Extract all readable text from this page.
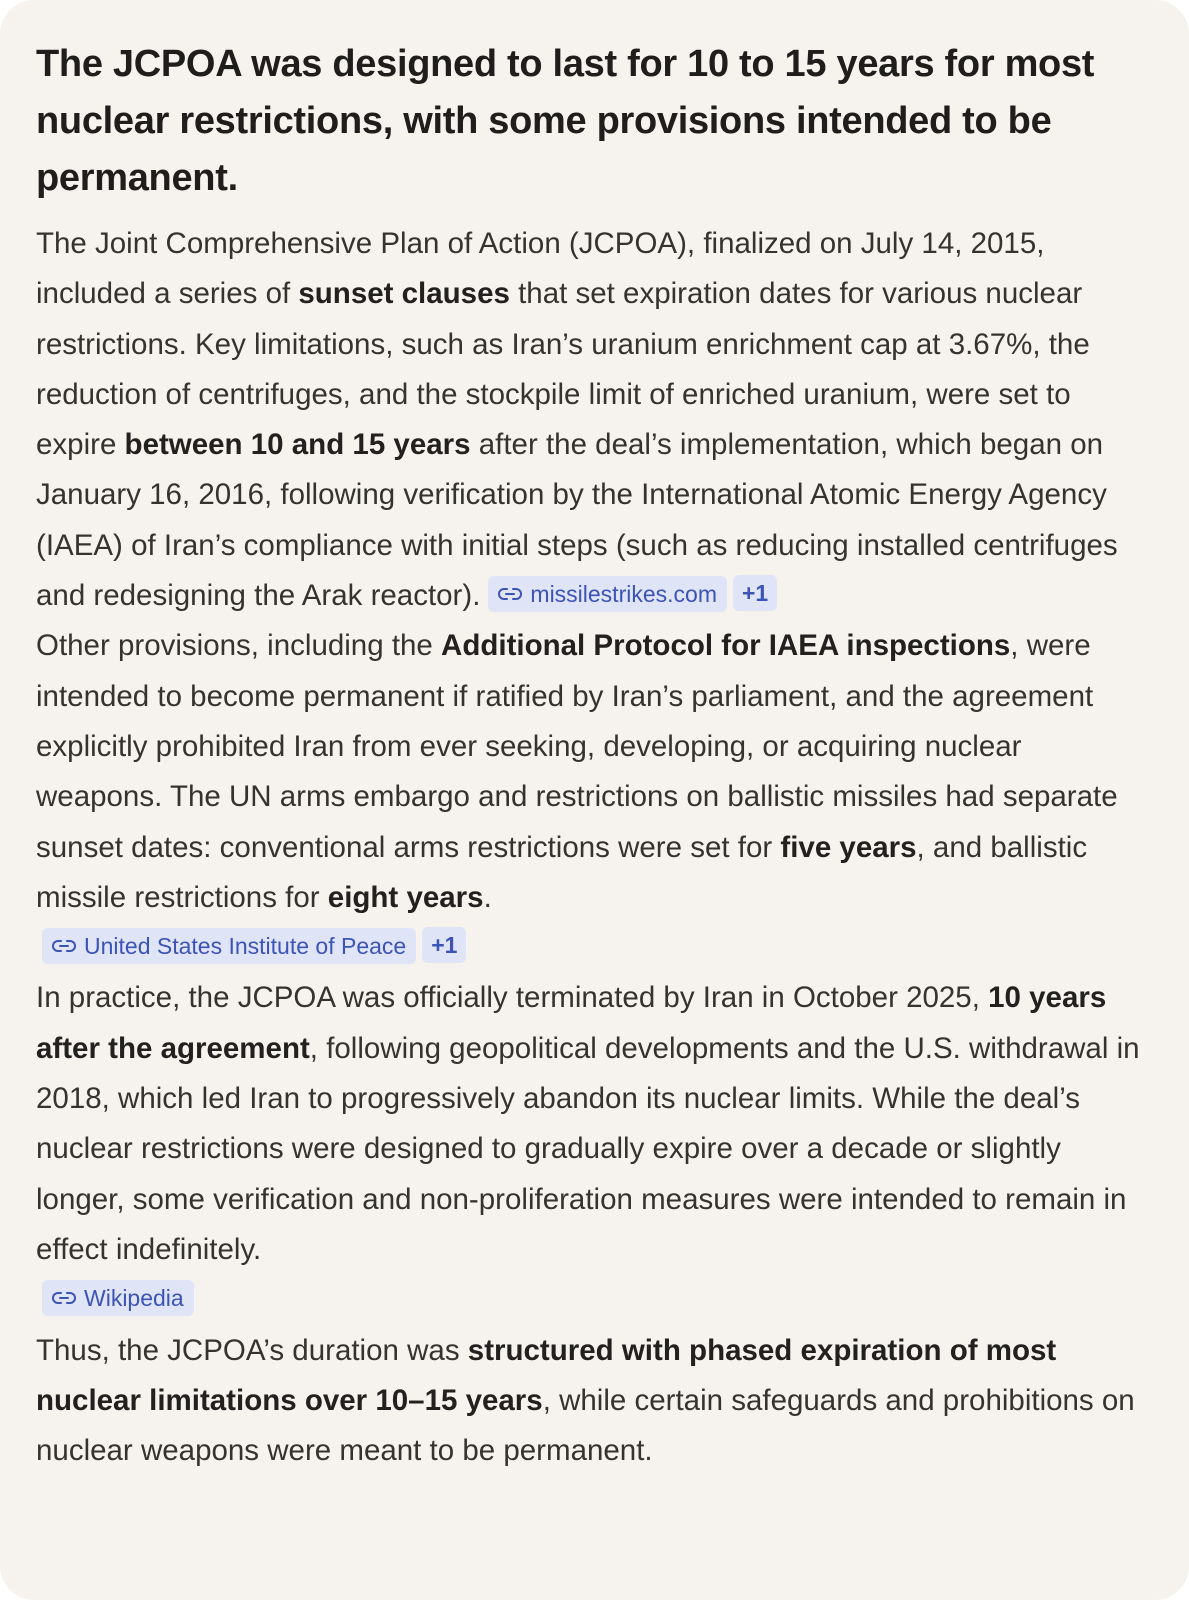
The JCPOA was designed to last for 10 to 15 years for most nuclear restrictions, with some provisions intended to be permanent.

The Joint Comprehensive Plan of Action (JCPOA), finalized on July 14, 2015, included a series of sunset clauses that set expiration dates for various nuclear restrictions. Key limitations, such as Iran’s uranium enrichment cap at 3.67%, the reduction of centrifuges, and the stockpile limit of enriched uranium, were set to expire between 10 and 15 years after the deal’s implementation, which began on January 16, 2016, following verification by the International Atomic Energy Agency (IAEA) of Iran’s compliance with initial steps (such as reducing installed centrifuges and redesigning the Arak reactor). missilestrikes.com +1

Other provisions, including the Additional Protocol for IAEA inspections, were intended to become permanent if ratified by Iran’s parliament, and the agreement explicitly prohibited Iran from ever seeking, developing, or acquiring nuclear weapons. The UN arms embargo and restrictions on ballistic missiles had separate sunset dates: conventional arms restrictions were set for five years, and ballistic missile restrictions for eight years.

United States Institute of Peace +1

In practice, the JCPOA was officially terminated by Iran in October 2025, 10 years after the agreement, following geopolitical developments and the U.S. withdrawal in 2018, which led Iran to progressively abandon its nuclear limits. While the deal’s nuclear restrictions were designed to gradually expire over a decade or slightly longer, some verification and non-proliferation measures were intended to remain in effect indefinitely.

Wikipedia

Thus, the JCPOA’s duration was structured with phased expiration of most nuclear limitations over 10–15 years, while certain safeguards and prohibitions on nuclear weapons were meant to be permanent.
